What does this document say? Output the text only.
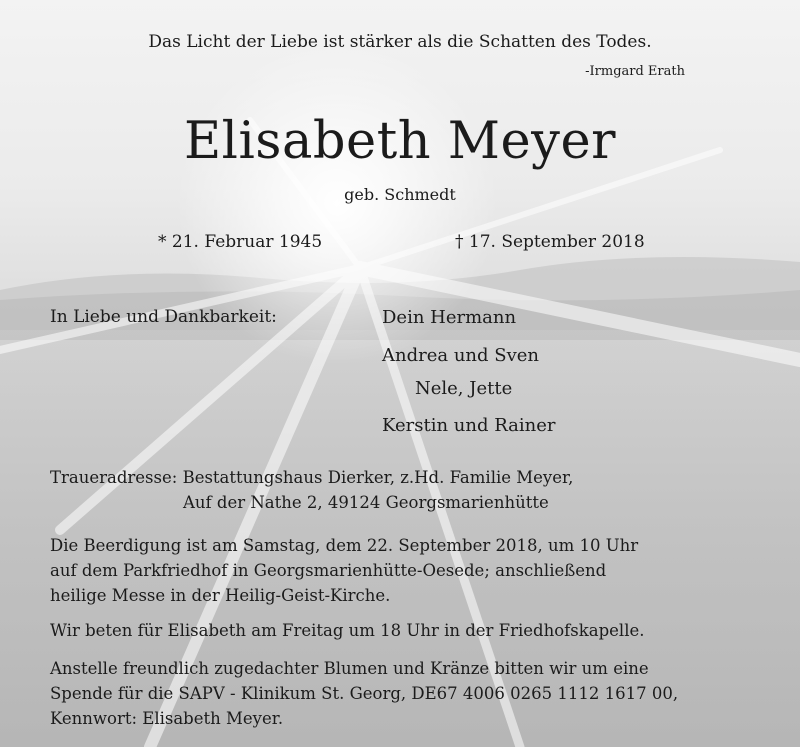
Das Licht der Liebe ist stärker als die Schatten des Todes.
-Irmgard Erath
Elisabeth Meyer
geb. Schmedt
* 21. Februar 1945	† 17. September 2018
In Liebe und Dankbarkeit:	Dein Hermann
Andrea und Sven
Nele, Jette
Kerstin und Rainer
Traueradresse: Bestattungshaus Dierker, z.Hd. Familie Meyer,
Auf der Nathe 2, 49124 Georgsmarienhütte
Die Beerdigung ist am Samstag, dem 22. September 2018, um 10 Uhr
auf dem Parkfriedhof in Georgsmarienhütte-Oesede; anschließend
heilige Messe in der Heilig-Geist-Kirche.
Wir beten für Elisabeth am Freitag um 18 Uhr in der Friedhofskapelle.
Anstelle freundlich zugedachter Blumen und Kränze bitten wir um eine
Spende für die SAPV - Klinikum St. Georg, DE67 4006 0265 1112 1617 00,
Kennwort: Elisabeth Meyer.
